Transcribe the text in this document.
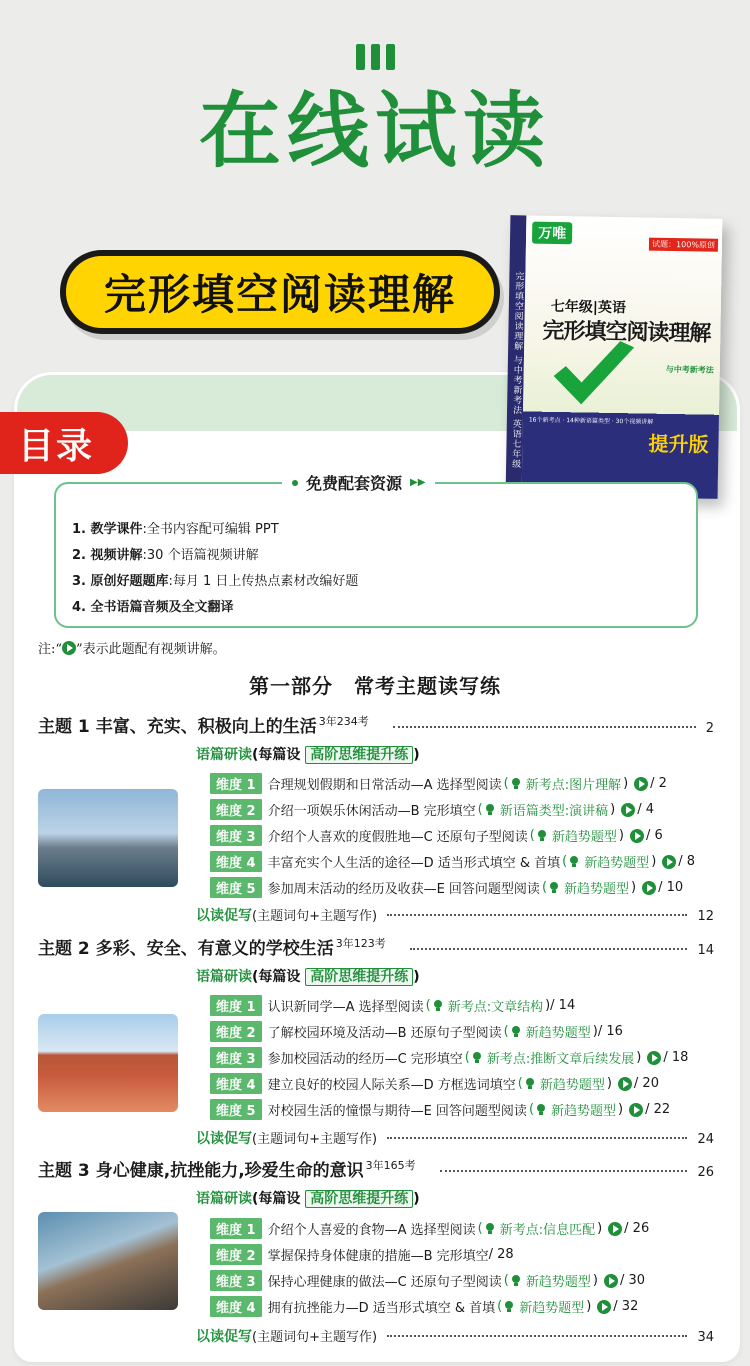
在线试读
完形填空阅读理解	完形填空阅读理解 与中考新考法 英语七年级
万唯
试题：100%原创
七年级|英语
完形填空阅读理解
与中考新考法
16个新考点 · 14种新语篇类型 · 30个视频讲解
提升版
目录
免费配套资源 ▶▶
1. 教学课件:全书内容配可编辑 PPT
2. 视频讲解:30 个语篇视频讲解
3. 原创好题题库:每月 1 日上传热点素材改编好题
4. 全书语篇音频及全文翻译
注:“ ”表示此题配有视频讲解。
第一部分　常考主题读写练
主题 1 丰富、充实、积极向上的生活 $^{3年234考}$	2
语篇研读(每篇设 高阶思维提升练 )
维度 1 合理规划假期和日常活动—A 选择型阅读 ( 新考点:图片理解 ) / 2
维度 2 介绍一项娱乐休闲活动—B 完形填空 ( 新语篇类型:演讲稿 ) / 4
维度 3 介绍个人喜欢的度假胜地—C 还原句子型阅读 ( 新趋势题型 ) / 6
维度 4 丰富充实个人生活的途径—D 适当形式填空 & 首填 ( 新趋势题型 ) / 8
维度 5 参加周末活动的经历及收获—E 回答问题型阅读 ( 新趋势题型 ) / 10
以读促写 (主题词句+主题写作)	12
主题 2 多彩、安全、有意义的学校生活 $^{3年123考}$	14
语篇研读(每篇设 高阶思维提升练 )
维度 1 认识新同学—A 选择型阅读 ( 新考点:文章结构 ) / 14
维度 2 了解校园环境及活动—B 还原句子型阅读 ( 新趋势题型 ) / 16
维度 3 参加校园活动的经历—C 完形填空 ( 新考点:推断文章后续发展 ) / 18
维度 4 建立良好的校园人际关系—D 方框选词填空 ( 新趋势题型 ) / 20
维度 5 对校园生活的憧憬与期待—E 回答问题型阅读 ( 新趋势题型 ) / 22
以读促写 (主题词句+主题写作)	24
主题 3 身心健康,抗挫能力,珍爱生命的意识 $^{3年165考}$	26
语篇研读(每篇设 高阶思维提升练 )
维度 1 介绍个人喜爱的食物—A 选择型阅读 ( 新考点:信息匹配 ) / 26
维度 2 掌握保持身体健康的措施—B 完形填空 / 28
维度 3 保持心理健康的做法—C 还原句子型阅读 ( 新趋势题型 ) / 30
维度 4 拥有抗挫能力—D 适当形式填空 & 首填 ( 新趋势题型 ) / 32
以读促写 (主题词句+主题写作)	34
